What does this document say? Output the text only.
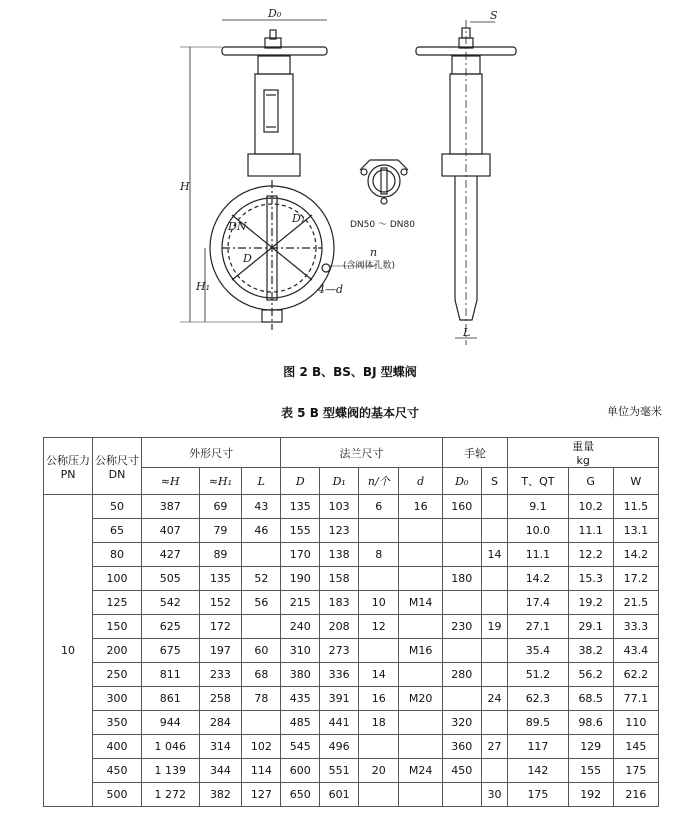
D₀	S
H
H₁
DN
D₁
D
L
n
4—d
(含阀体孔数)
DN50 ～ DN80
图 2 B、BS、BJ 型蝶阀
表 5 B 型蝶阀的基本尺寸	单位为毫米
公称压力PN	公称尺寸DN	外形尺寸			法兰尺寸				手轮		重量
kg		

		≈H	≈H₁	L	D	D₁	n/个	d	D₀	S	T、QT	G	W
10	50	387	69	43	135	103	6	16	160		9.1	10.2	11.5
	65	407	79	46	155	123					10.0	11.1	13.1
	80	427	89		170	138	8			14	11.1	12.2	14.2
	100	505	135	52	190	158			180		14.2	15.3	17.2
	125	542	152	56	215	183	10	M14			17.4	19.2	21.5
	150	625	172		240	208	12		230	19	27.1	29.1	33.3
	200	675	197	60	310	273		M16			35.4	38.2	43.4
	250	811	233	68	380	336	14		280		51.2	56.2	62.2
	300	861	258	78	435	391	16	M20		24	62.3	68.5	77.1
	350	944	284		485	441	18		320		89.5	98.6	110
	400	1 046	314	102	545	496			360	27	117	129	145
	450	1 139	344	114	600	551	20	M24	450		142	155	175
	500	1 272	382	127	650	601				30	175	192	216
